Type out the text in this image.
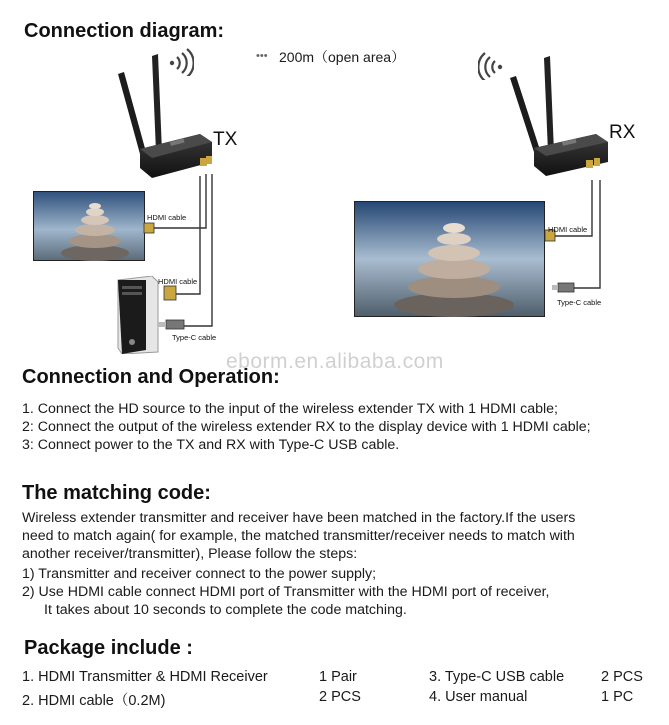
Connection diagram:
••• 200m（open area）
TX	RX
HDMI cable
HDMI cable
Type-C cable
HDMI cable
Type-C cable
eborm.en.alibaba.com
Connection and Operation:
1. Connect the HD source to the input of the wireless extender TX with 1 HDMI cable;
2: Connect the output of the wireless extender RX to the display device with 1 HDMI cable;
3: Connect power to the TX and RX with Type-C USB cable.
The matching code:
Wireless extender transmitter and receiver have been matched in the factory.If the users
need to match again( for example, the matched transmitter/receiver needs to match with
another receiver/transmitter), Please follow the steps:
1) Transmitter and receiver connect to the power supply;
2) Use HDMI cable connect HDMI port of Transmitter with the HDMI port of receiver,
It takes about 10 seconds to complete the code matching.
Package include :
1. HDMI Transmitter & HDMI Receiver	1 Pair
2. HDMI cable（0.2M)	2 PCS
3. Type-C USB cable	2 PCS
4. User manual	1 PC
